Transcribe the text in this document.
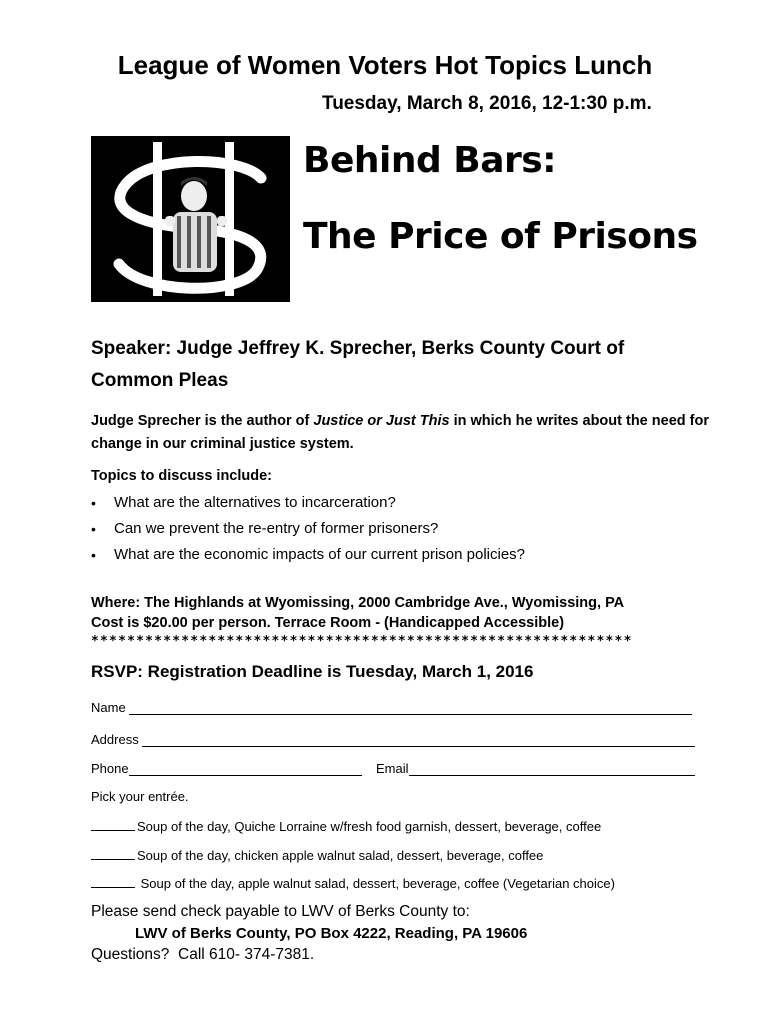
League of Women Voters Hot Topics Lunch
Tuesday, March 8, 2016, 12-1:30 p.m.
Behind Bars:
The Price of Prisons
Speaker: Judge Jeffrey K. Sprecher, Berks County Court of Common Pleas
Judge Sprecher is the author of Justice or Just This in which he writes about the need for change in our criminal justice system.
Topics to discuss include:
• What are the alternatives to incarceration?
• Can we prevent the re-entry of former prisoners?
• What are the economic impacts of our current prison policies?
Where: The Highlands at Wyomissing, 2000 Cambridge Ave., Wyomissing, PA
Cost is $20.00 per person. Terrace Room - (Handicapped Accessible)
************************************************************
RSVP: Registration Deadline is Tuesday, March 1, 2016
Name
Address
Phone	Email
Pick your entrée.
Soup of the day, Quiche Lorraine w/fresh food garnish, dessert, beverage, coffee
Soup of the day, chicken apple walnut salad, dessert, beverage, coffee
Soup of the day, apple walnut salad, dessert, beverage, coffee (Vegetarian choice)
Please send check payable to LWV of Berks County to:
LWV of Berks County, PO Box 4222, Reading, PA 19606
Questions?  Call 610- 374-7381.
